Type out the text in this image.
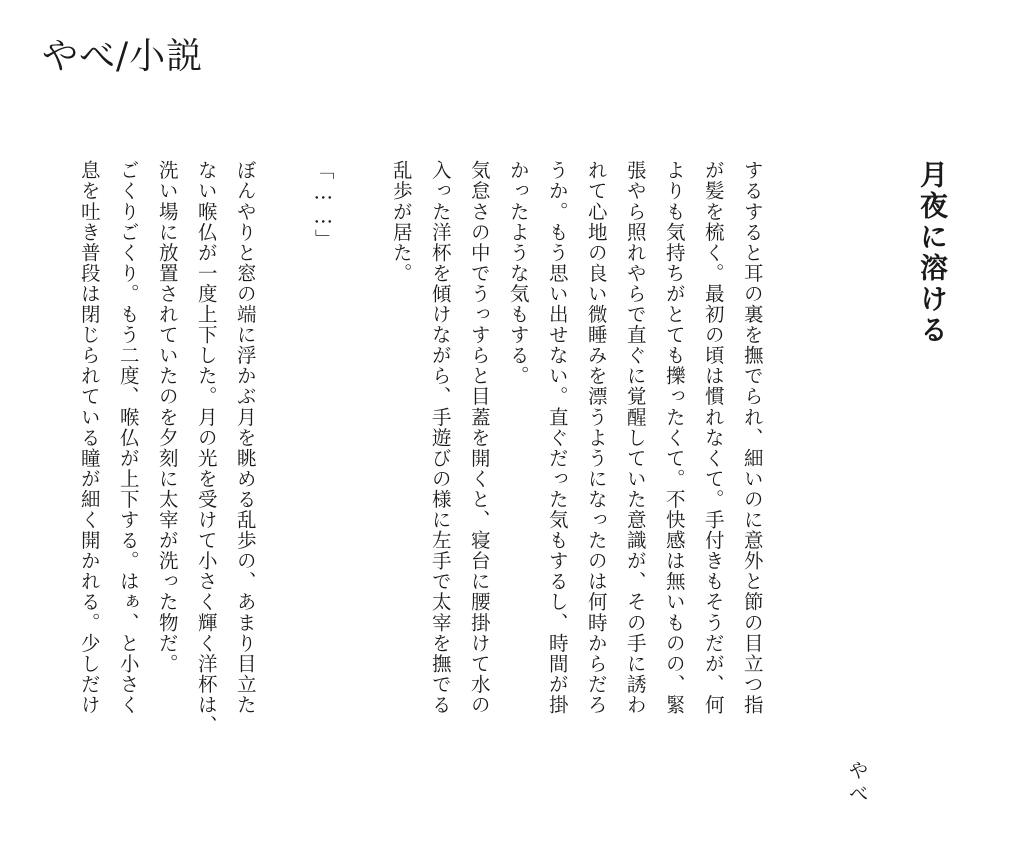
やべ/小説
月夜に溶ける

やべ

するすると耳の裏を撫でられ、細いのに意外と節の目立つ指

が髪を梳く。最初の頃は慣れなくて。手付きもそうだが、何

よりも気持ちがとても擽ったくて。不快感は無いものの、緊

張やら照れやらで直ぐに覚醒していた意識が、その手に誘わ

れて心地の良い微睡みを漂うようになったのは何時からだろ

うか。もう思い出せない。直ぐだった気もするし、時間が掛

かったような気もする。

気怠さの中でうっすらと目蓋を開くと、寝台に腰掛けて水の

入った洋杯を傾けながら、手遊びの様に左手で太宰を撫でる

乱歩が居た。

「……」

ぼんやりと窓の端に浮かぶ月を眺める乱歩の、あまり目立た

ない喉仏が一度上下した。月の光を受けて小さく輝く洋杯は、

洗い場に放置されていたのを夕刻に太宰が洗った物だ。

ごくりごくり。もう二度、喉仏が上下する。はぁ、と小さく

息を吐き普段は閉じられている瞳が細く開かれる。少しだけ
